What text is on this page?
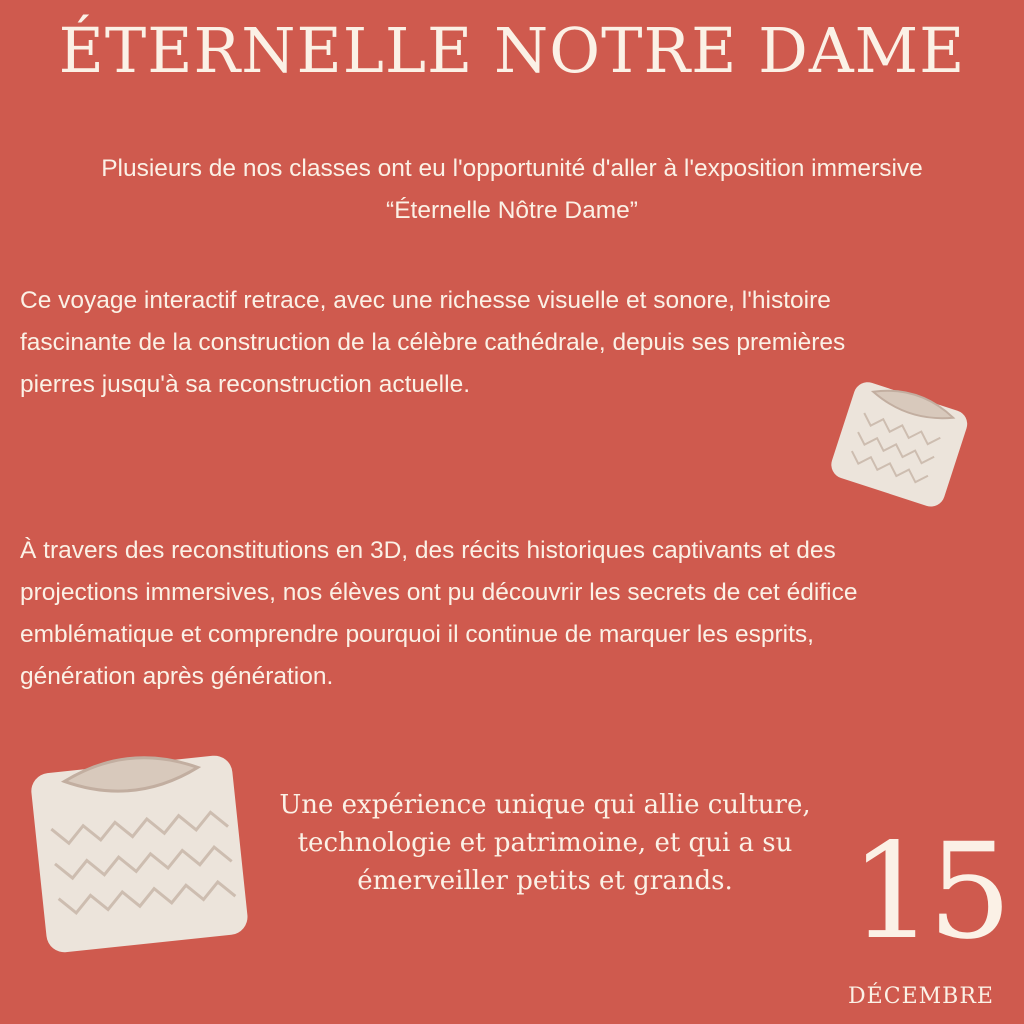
ÉTERNELLE NOTRE DAME
Plusieurs de nos classes ont eu l'opportunité d'aller à l'exposition immersive
“Éternelle Nôtre Dame”
Ce voyage interactif retrace, avec une richesse visuelle et sonore, l'histoire
fascinante de la construction de la célèbre cathédrale, depuis ses premières
pierres jusqu'à sa reconstruction actuelle.
À travers des reconstitutions en 3D, des récits historiques captivants et des
projections immersives, nos élèves ont pu découvrir les secrets de cet édifice
emblématique et comprendre pourquoi il continue de marquer les esprits,
génération après génération.
Une expérience unique qui allie culture,
technologie et patrimoine, et qui a su
émerveiller petits et grands. 15
DÉCEMBRE
